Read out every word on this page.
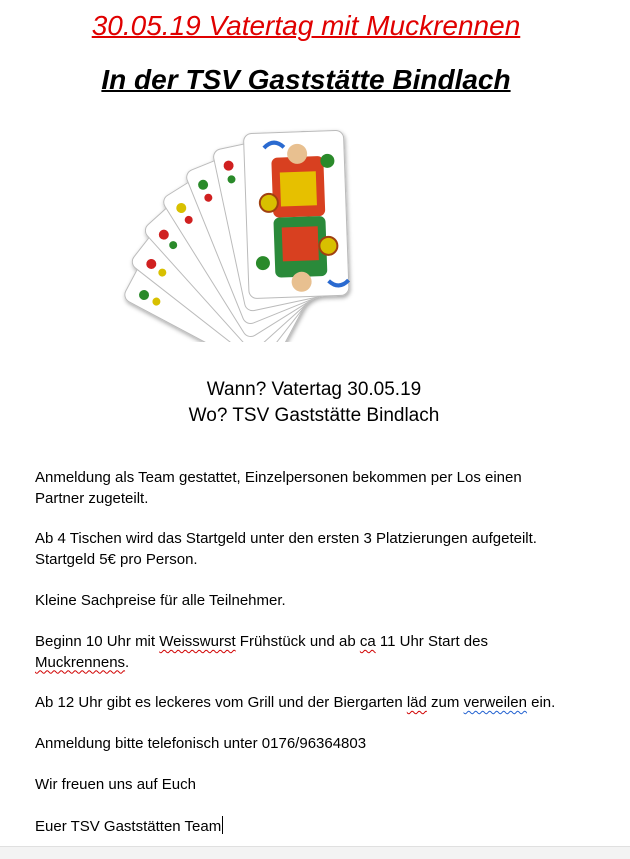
30.05.19 Vatertag mit Muckrennen
In der TSV Gaststätte Bindlach
Wann? Vatertag 30.05.19
Wo? TSV Gaststätte Bindlach
Anmeldung als Team gestattet, Einzelpersonen bekommen per Los einen
Partner zugeteilt.
Ab 4 Tischen wird das Startgeld unter den ersten 3 Platzierungen aufgeteilt.
Startgeld 5€ pro Person.
Kleine Sachpreise für alle Teilnehmer.
Beginn 10 Uhr mit Weisswurst Frühstück und ab ca 11 Uhr Start des
Muckrennens.
Ab 12 Uhr gibt es leckeres vom Grill und der Biergarten läd zum verweilen ein.
Anmeldung bitte telefonisch unter 0176/96364803
Wir freuen uns auf Euch
Euer TSV Gaststätten Team
